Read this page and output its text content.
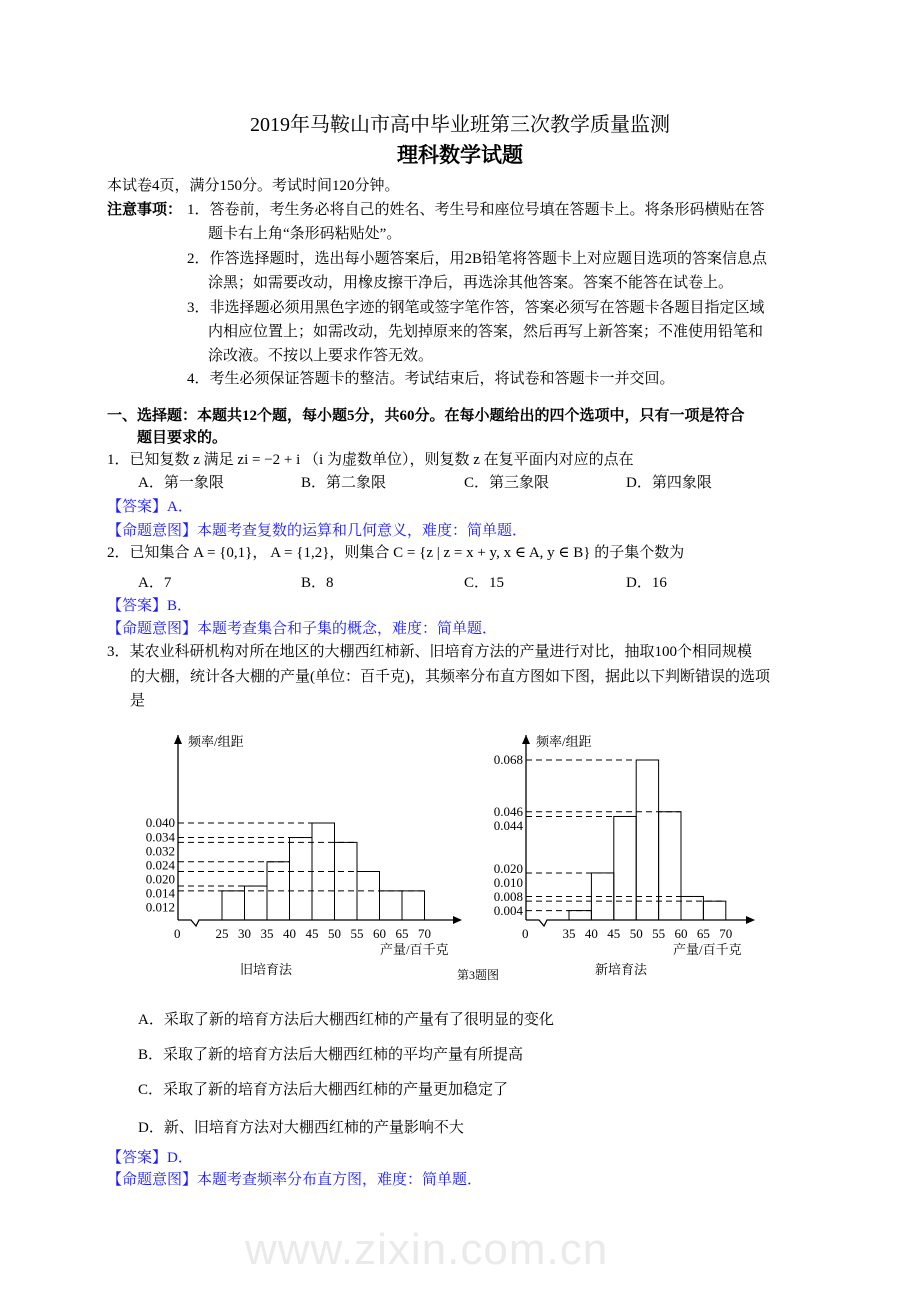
www.zixin.com.cn
2019年马鞍山市高中毕业班第三次教学质量监测
理科数学试题
本试卷4页，满分150分。考试时间120分钟。
注意事项： 1．答卷前，考生务必将自己的姓名、考生号和座位号填在答题卡上。将条形码横贴在答
题卡右上角“条形码粘贴处”。
2．作答选择题时，选出每小题答案后，用2B铅笔将答题卡上对应题目选项的答案信息点
涂黑；如需要改动，用橡皮擦干净后，再选涂其他答案。答案不能答在试卷上。
3．非选择题必须用黑色字迹的钢笔或签字笔作答，答案必须写在答题卡各题目指定区域
内相应位置上；如需改动，先划掉原来的答案，然后再写上新答案；不准使用铅笔和
涂改液。不按以上要求作答无效。
4．考生必须保证答题卡的整洁。考试结束后，将试卷和答题卡一并交回。
一、选择题：本题共12个题，每小题5分，共60分。在每小题给出的四个选项中，只有一项是符合
题目要求的。
1．已知复数 z 满足 zi = −2 + i （i 为虚数单位），则复数 z 在复平面内对应的点在
A．第一象限	B．第二象限	C．第三象限	D．第四象限
【答案】A．
【命题意图】本题考查复数的运算和几何意义，难度：简单题．
2．已知集合 A = {0,1}， A = {1,2}，则集合 C = {z | z = x + y, x ∈ A, y ∈ B} 的子集个数为
A．7	B．8	C．15	D．16
【答案】B．
【命题意图】本题考查集合和子集的概念，难度：简单题．
3．某农业科研机构对所在地区的大棚西红柿新、旧培育方法的产量进行对比，抽取100个相同规模
的大棚，统计各大棚的产量(单位：百千克)，其频率分布直方图如下图，据此以下判断错误的选项
是
频率/组距
产量/百千克
0
旧培育法
25 30 35 40 45 50 55 60 65 70
0.040
0.034
0.032
0.024
0.020
0.014
0.012
频率/组距
产量/百千克
0
新培育法
35 40 45 50 55 60 65 70
0.068
0.046
0.044
0.020
0.010
0.008
0.004
第3题图
A．采取了新的培育方法后大棚西红柿的产量有了很明显的变化
B．采取了新的培育方法后大棚西红柿的平均产量有所提高
C．采取了新的培育方法后大棚西红柿的产量更加稳定了
D．新、旧培育方法对大棚西红柿的产量影响不大
【答案】D．
【命题意图】本题考查频率分布直方图，难度：简单题．
